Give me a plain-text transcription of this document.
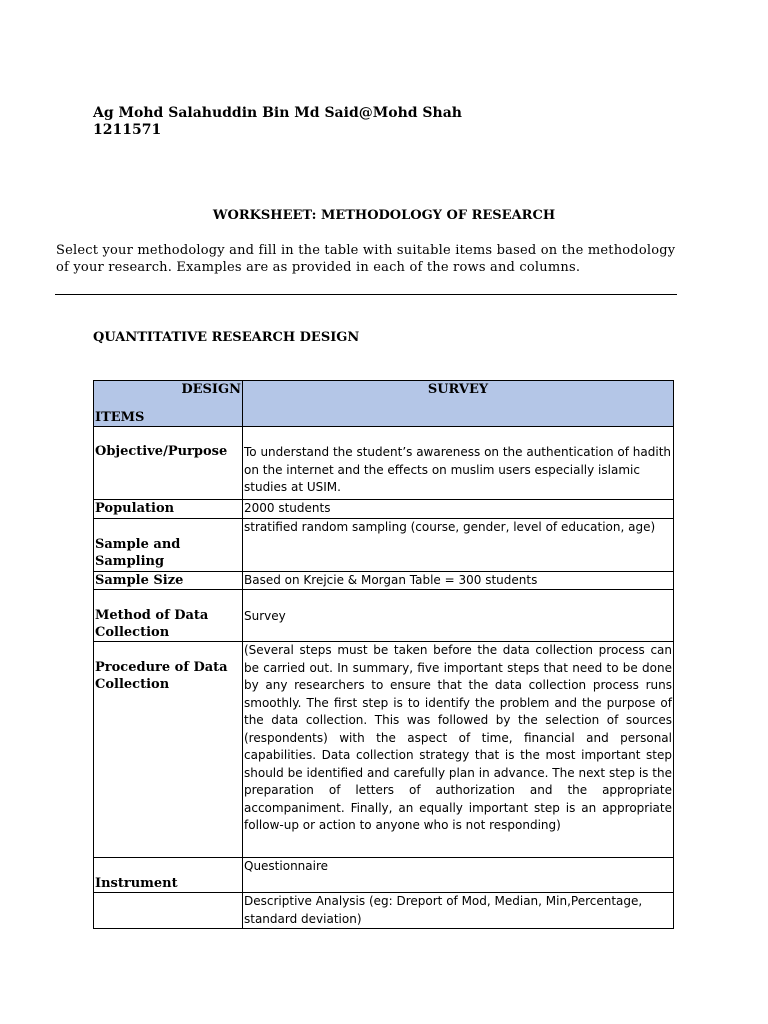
Ag Mohd Salahuddin Bin Md Said@Mohd Shah
1211571
WORKSHEET: METHODOLOGY OF RESEARCH
Select your methodology and fill in the table with suitable items based on the methodology of your research. Examples are as provided in each of the rows and columns.
QUANTITATIVE RESEARCH DESIGN
DESIGN
ITEMS	SURVEY

Objective/Purpose	To understand the student’s awareness on the authentication of hadith on the internet and the effects on muslim users especially islamic studies at USIM.

Population	2000 students

Sample and Sampling	stratified random sampling (course, gender, level of education, age)
Sample Size	Based on Krejcie & Morgan Table = 300 students

Method of Data Collection	Survey

Procedure of Data Collection	(Several steps must be taken before the data collection process can be carried out. In summary, five important steps that need to be done by any researchers to ensure that the data collection process runs smoothly. The first step is to identify the problem and the purpose of the data collection. This was followed by the selection of sources (respondents) with the aspect of time, financial and personal capabilities. Data collection strategy that is the most important step should be identified and carefully plan in advance. The next step is the preparation of letters of authorization and the appropriate accompaniment. Finally, an equally important step is an appropriate follow-up or action to anyone who is not responding)

Instrument	Questionnaire
	Descriptive Analysis (eg: Dreport of Mod, Median, Min,Percentage, standard deviation)
